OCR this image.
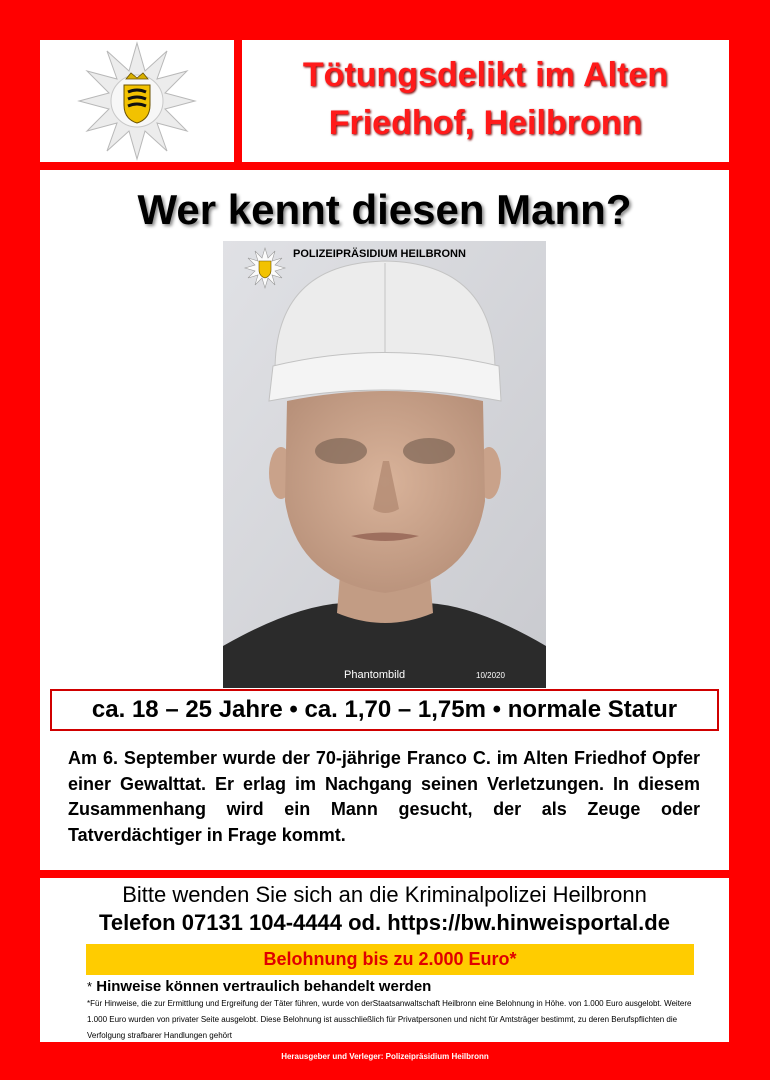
Tötungsdelikt im Alten
Friedhof, Heilbronn
Wer kennt diesen Mann?
POLIZEIPRÄSIDIUM HEILBRONN
Phantombild	10/2020
ca. 18 – 25 Jahre • ca. 1,70 – 1,75m • normale Statur
Am 6. September wurde der 70-jährige Franco C. im Alten Friedhof Opfer einer Gewalttat. Er erlag im Nachgang seinen Verletzungen. In diesem Zusammenhang wird ein Mann gesucht, der als Zeuge oder Tatverdächtiger in Frage kommt.
Bitte wenden Sie sich an die Kriminalpolizei Heilbronn
Telefon 07131 104-4444 od. https://bw.hinweisportal.de
Belohnung bis zu 2.000 Euro*
* Hinweise können vertraulich behandelt werden
*Für Hinweise, die zur Ermittlung und Ergreifung der Täter führen, wurde von derStaatsanwaltschaft Heilbronn eine Belohnung in Höhe. von 1.000 Euro ausgelobt. Weitere 1.000 Euro wurden von privater Seite ausgelobt. Diese Belohnung ist ausschließlich für Privatpersonen und nicht für Amtsträger bestimmt, zu deren Berufspflichten die Verfolgung strafbarer Handlungen gehört
Herausgeber und Verleger: Polizeipräsidium Heilbronn
